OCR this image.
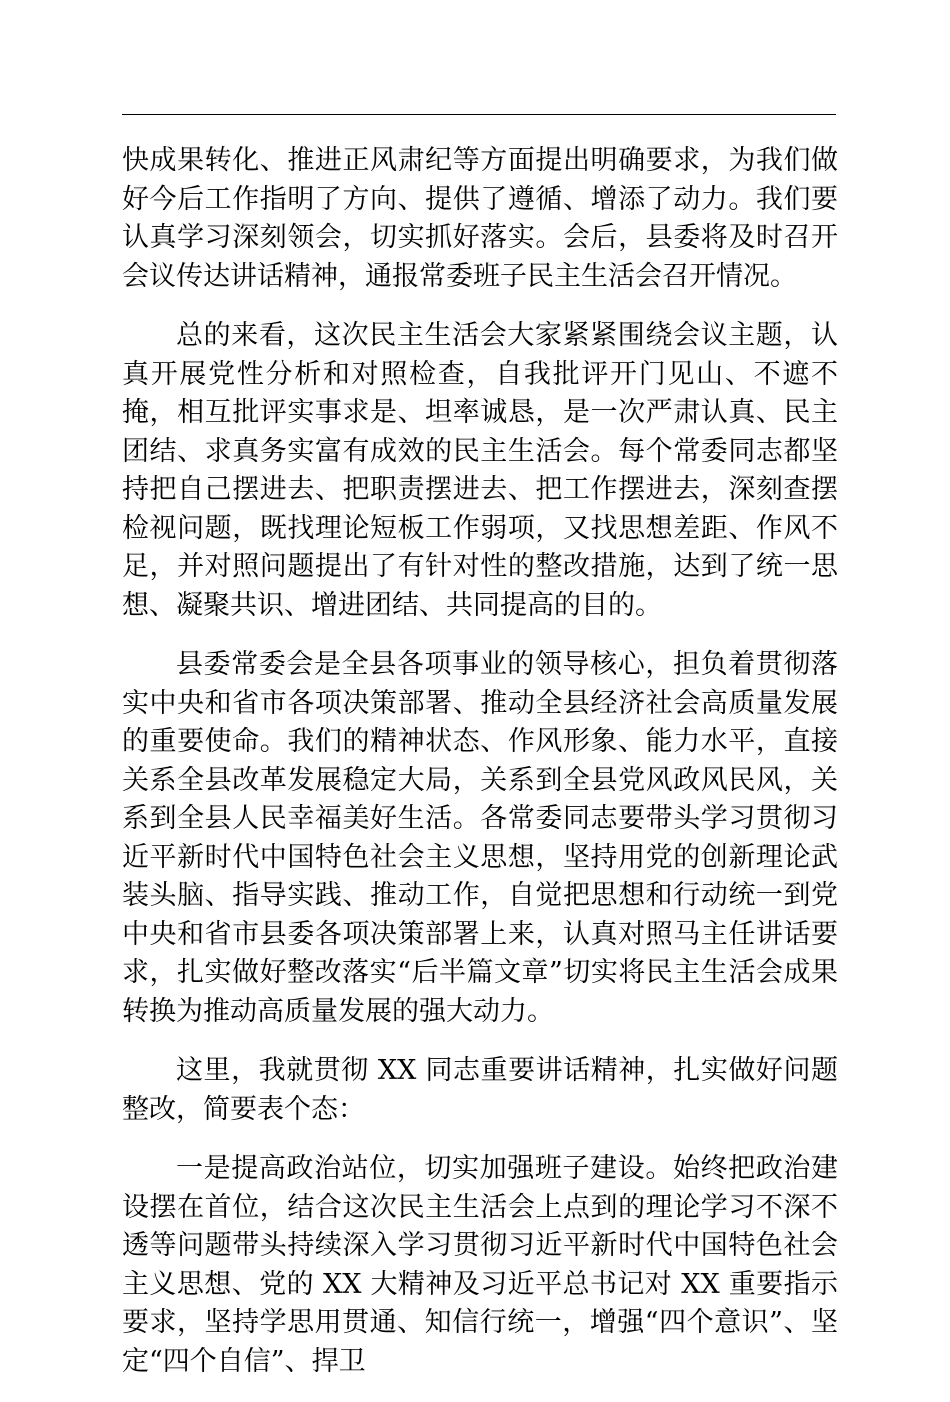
快成果转化、推进正风肃纪等方面提出明确要求，为我们做好今后工作指明了方向、提供了遵循、增添了动力。我们要认真学习深刻领会，切实抓好落实。会后，县委将及时召开会议传达讲话精神，通报常委班子民主生活会召开情况。

总的来看，这次民主生活会大家紧紧围绕会议主题，认真开展党性分析和对照检查，自我批评开门见山、不遮不掩，相互批评实事求是、坦率诚恳，是一次严肃认真、民主团结、求真务实富有成效的民主生活会。每个常委同志都坚持把自己摆进去、把职责摆进去、把工作摆进去，深刻查摆检视问题，既找理论短板工作弱项，又找思想差距、作风不足，并对照问题提出了有针对性的整改措施，达到了统一思想、凝聚共识、增进团结、共同提高的目的。

县委常委会是全县各项事业的领导核心，担负着贯彻落实中央和省市各项决策部署、推动全县经济社会高质量发展的重要使命。我们的精神状态、作风形象、能力水平，直接关系全县改革发展稳定大局，关系到全县党风政风民风，关系到全县人民幸福美好生活。各常委同志要带头学习贯彻习近平新时代中国特色社会主义思想，坚持用党的创新理论武装头脑、指导实践、推动工作，自觉把思想和行动统一到党中央和省市县委各项决策部署上来，认真对照马主任讲话要求，扎实做好整改落实“后半篇文章”切实将民主生活会成果转换为推动高质量发展的强大动力。

这里，我就贯彻 XX 同志重要讲话精神，扎实做好问题整改，简要表个态：

一是提高政治站位，切实加强班子建设。始终把政治建设摆在首位，结合这次民主生活会上点到的理论学习不深不透等问题带头持续深入学习贯彻习近平新时代中国特色社会主义思想、党的 XX 大精神及习近平总书记对 XX 重要指示要求，坚持学思用贯通、知信行统一，增强“四个意识”、坚定“四个自信”、捍卫
